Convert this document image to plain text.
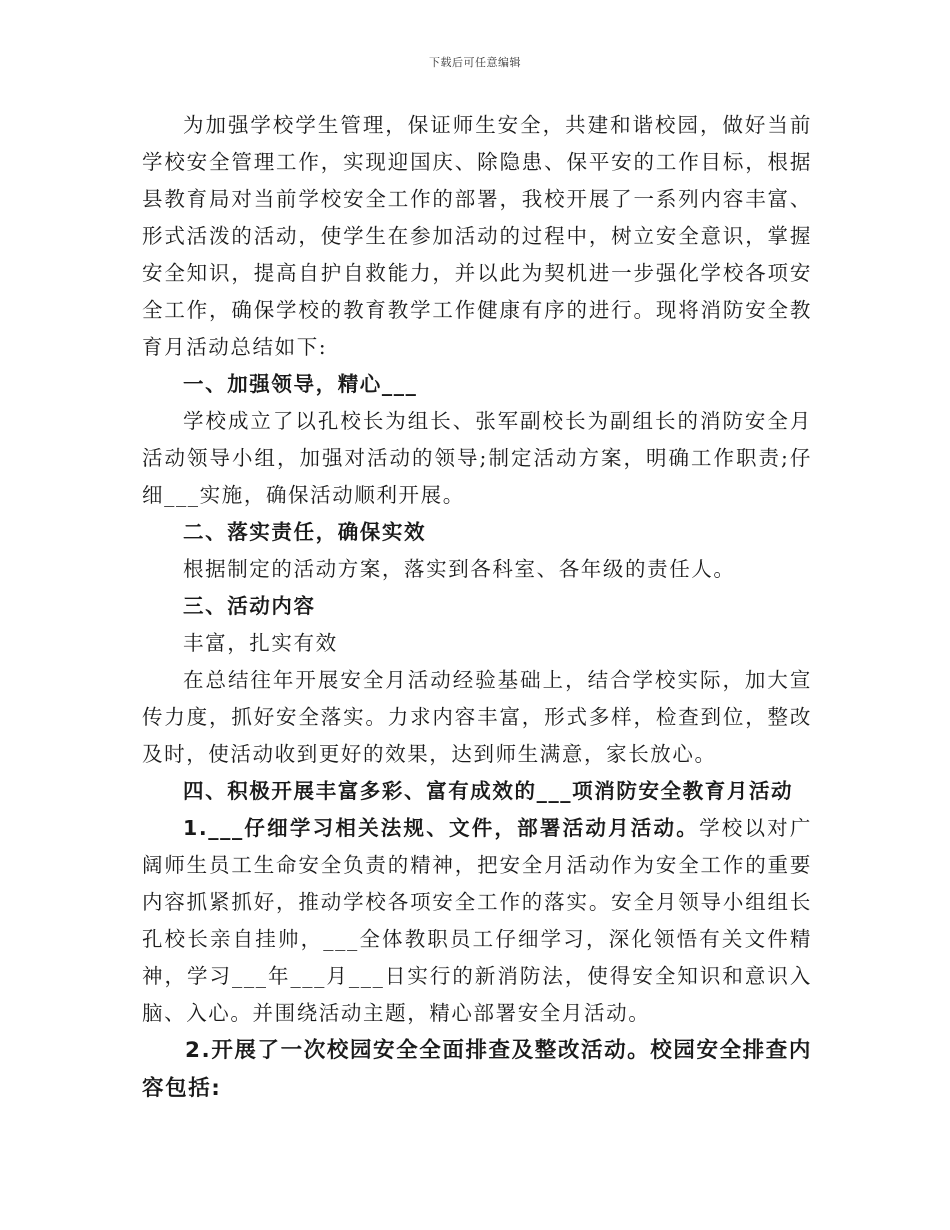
下载后可任意编辑

为加强学校学生管理，保证师生安全，共建和谐校园，做好当前学校安全管理工作，实现迎国庆、除隐患、保平安的工作目标，根据县教育局对当前学校安全工作的部署，我校开展了一系列内容丰富、形式活泼的活动，使学生在参加活动的过程中，树立安全意识，掌握安全知识，提高自护自救能力，并以此为契机进一步强化学校各项安全工作，确保学校的教育教学工作健康有序的进行。现将消防安全教育月活动总结如下:

一、加强领导，精心___

学校成立了以孔校长为组长、张军副校长为副组长的消防安全月活动领导小组，加强对活动的领导;制定活动方案，明确工作职责;仔细___实施，确保活动顺利开展。

二、落实责任，确保实效

根据制定的活动方案，落实到各科室、各年级的责任人。

三、活动内容

丰富，扎实有效

在总结往年开展安全月活动经验基础上，结合学校实际，加大宣传力度，抓好安全落实。力求内容丰富，形式多样，检查到位，整改及时，使活动收到更好的效果，达到师生满意，家长放心。

四、积极开展丰富多彩、富有成效的___项消防安全教育月活动

1.___仔细学习相关法规、文件，部署活动月活动。学校以对广阔师生员工生命安全负责的精神，把安全月活动作为安全工作的重要内容抓紧抓好，推动学校各项安全工作的落实。安全月领导小组组长孔校长亲自挂帅，___全体教职员工仔细学习，深化领悟有关文件精神，学习___年___月___日实行的新消防法，使得安全知识和意识入脑、入心。并围绕活动主题，精心部署安全月活动。

2.开展了一次校园安全全面排查及整改活动。校园安全排查内容包括:
